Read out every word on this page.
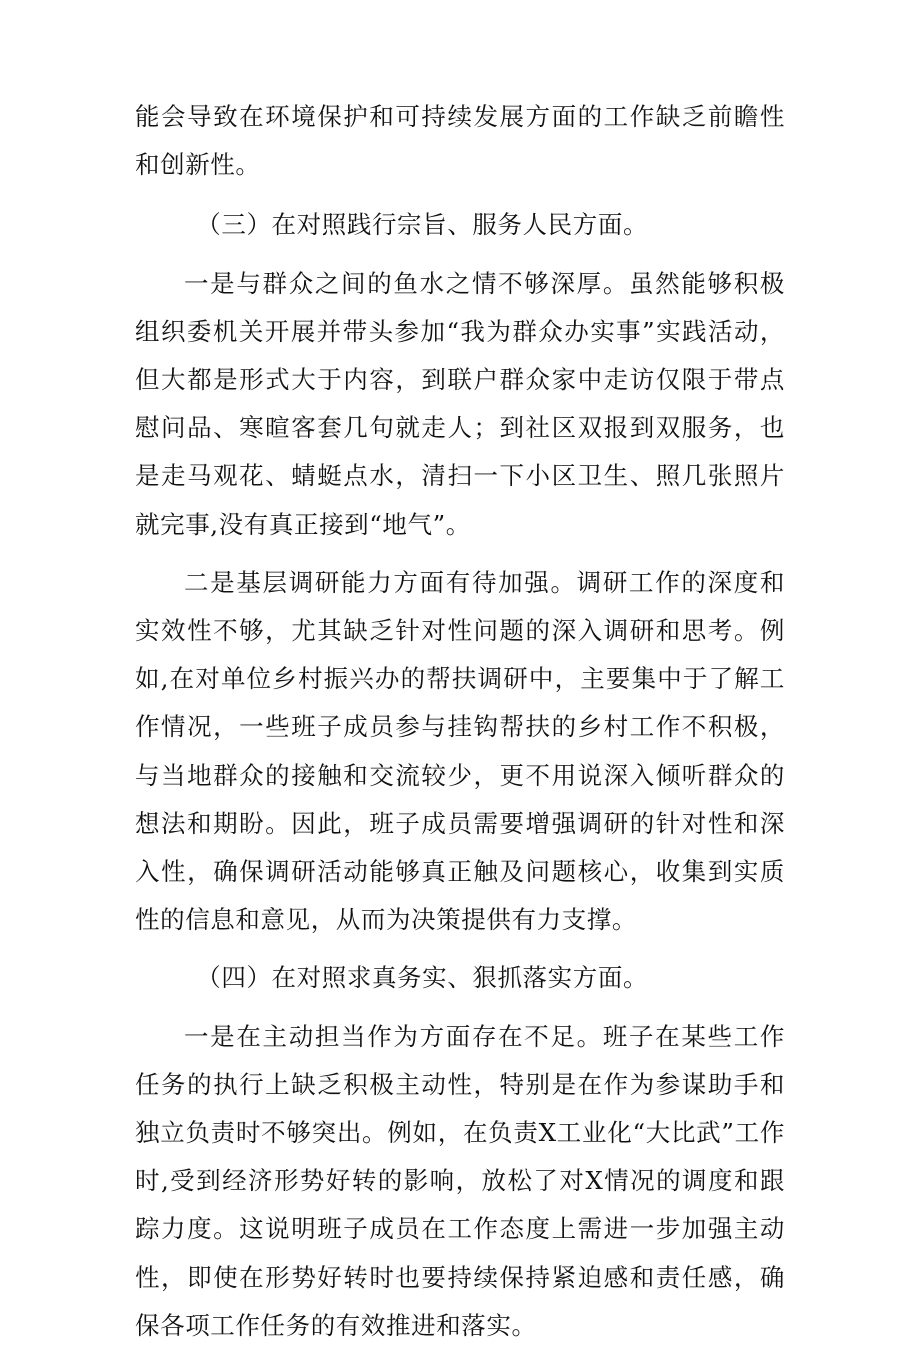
能会导致在环境保护和可持续发展方面的工作缺乏前瞻性和创新性。

（三）在对照践行宗旨、服务人民方面。

一是与群众之间的鱼水之情不够深厚。虽然能够积极组织委机关开展并带头参加“我为群众办实事”实践活动，但大都是形式大于内容，到联户群众家中走访仅限于带点慰问品、寒暄客套几句就走人；到社区双报到双服务，也是走马观花、蜻蜓点水，清扫一下小区卫生、照几张照片就完事,没有真正接到“地气”。

二是基层调研能力方面有待加强。调研工作的深度和实效性不够，尤其缺乏针对性问题的深入调研和思考。例如,在对单位乡村振兴办的帮扶调研中，主要集中于了解工作情况，一些班子成员参与挂钩帮扶的乡村工作不积极，与当地群众的接触和交流较少，更不用说深入倾听群众的想法和期盼。因此，班子成员需要增强调研的针对性和深入性，确保调研活动能够真正触及问题核心，收集到实质性的信息和意见，从而为决策提供有力支撑。

（四）在对照求真务实、狠抓落实方面。

一是在主动担当作为方面存在不足。班子在某些工作任务的执行上缺乏积极主动性，特别是在作为参谋助手和独立负责时不够突出。例如，在负责X工业化“大比武”工作时,受到经济形势好转的影响，放松了对X情况的调度和跟踪力度。这说明班子成员在工作态度上需进一步加强主动性，即使在形势好转时也要持续保持紧迫感和责任感，确保各项工作任务的有效推进和落实。
